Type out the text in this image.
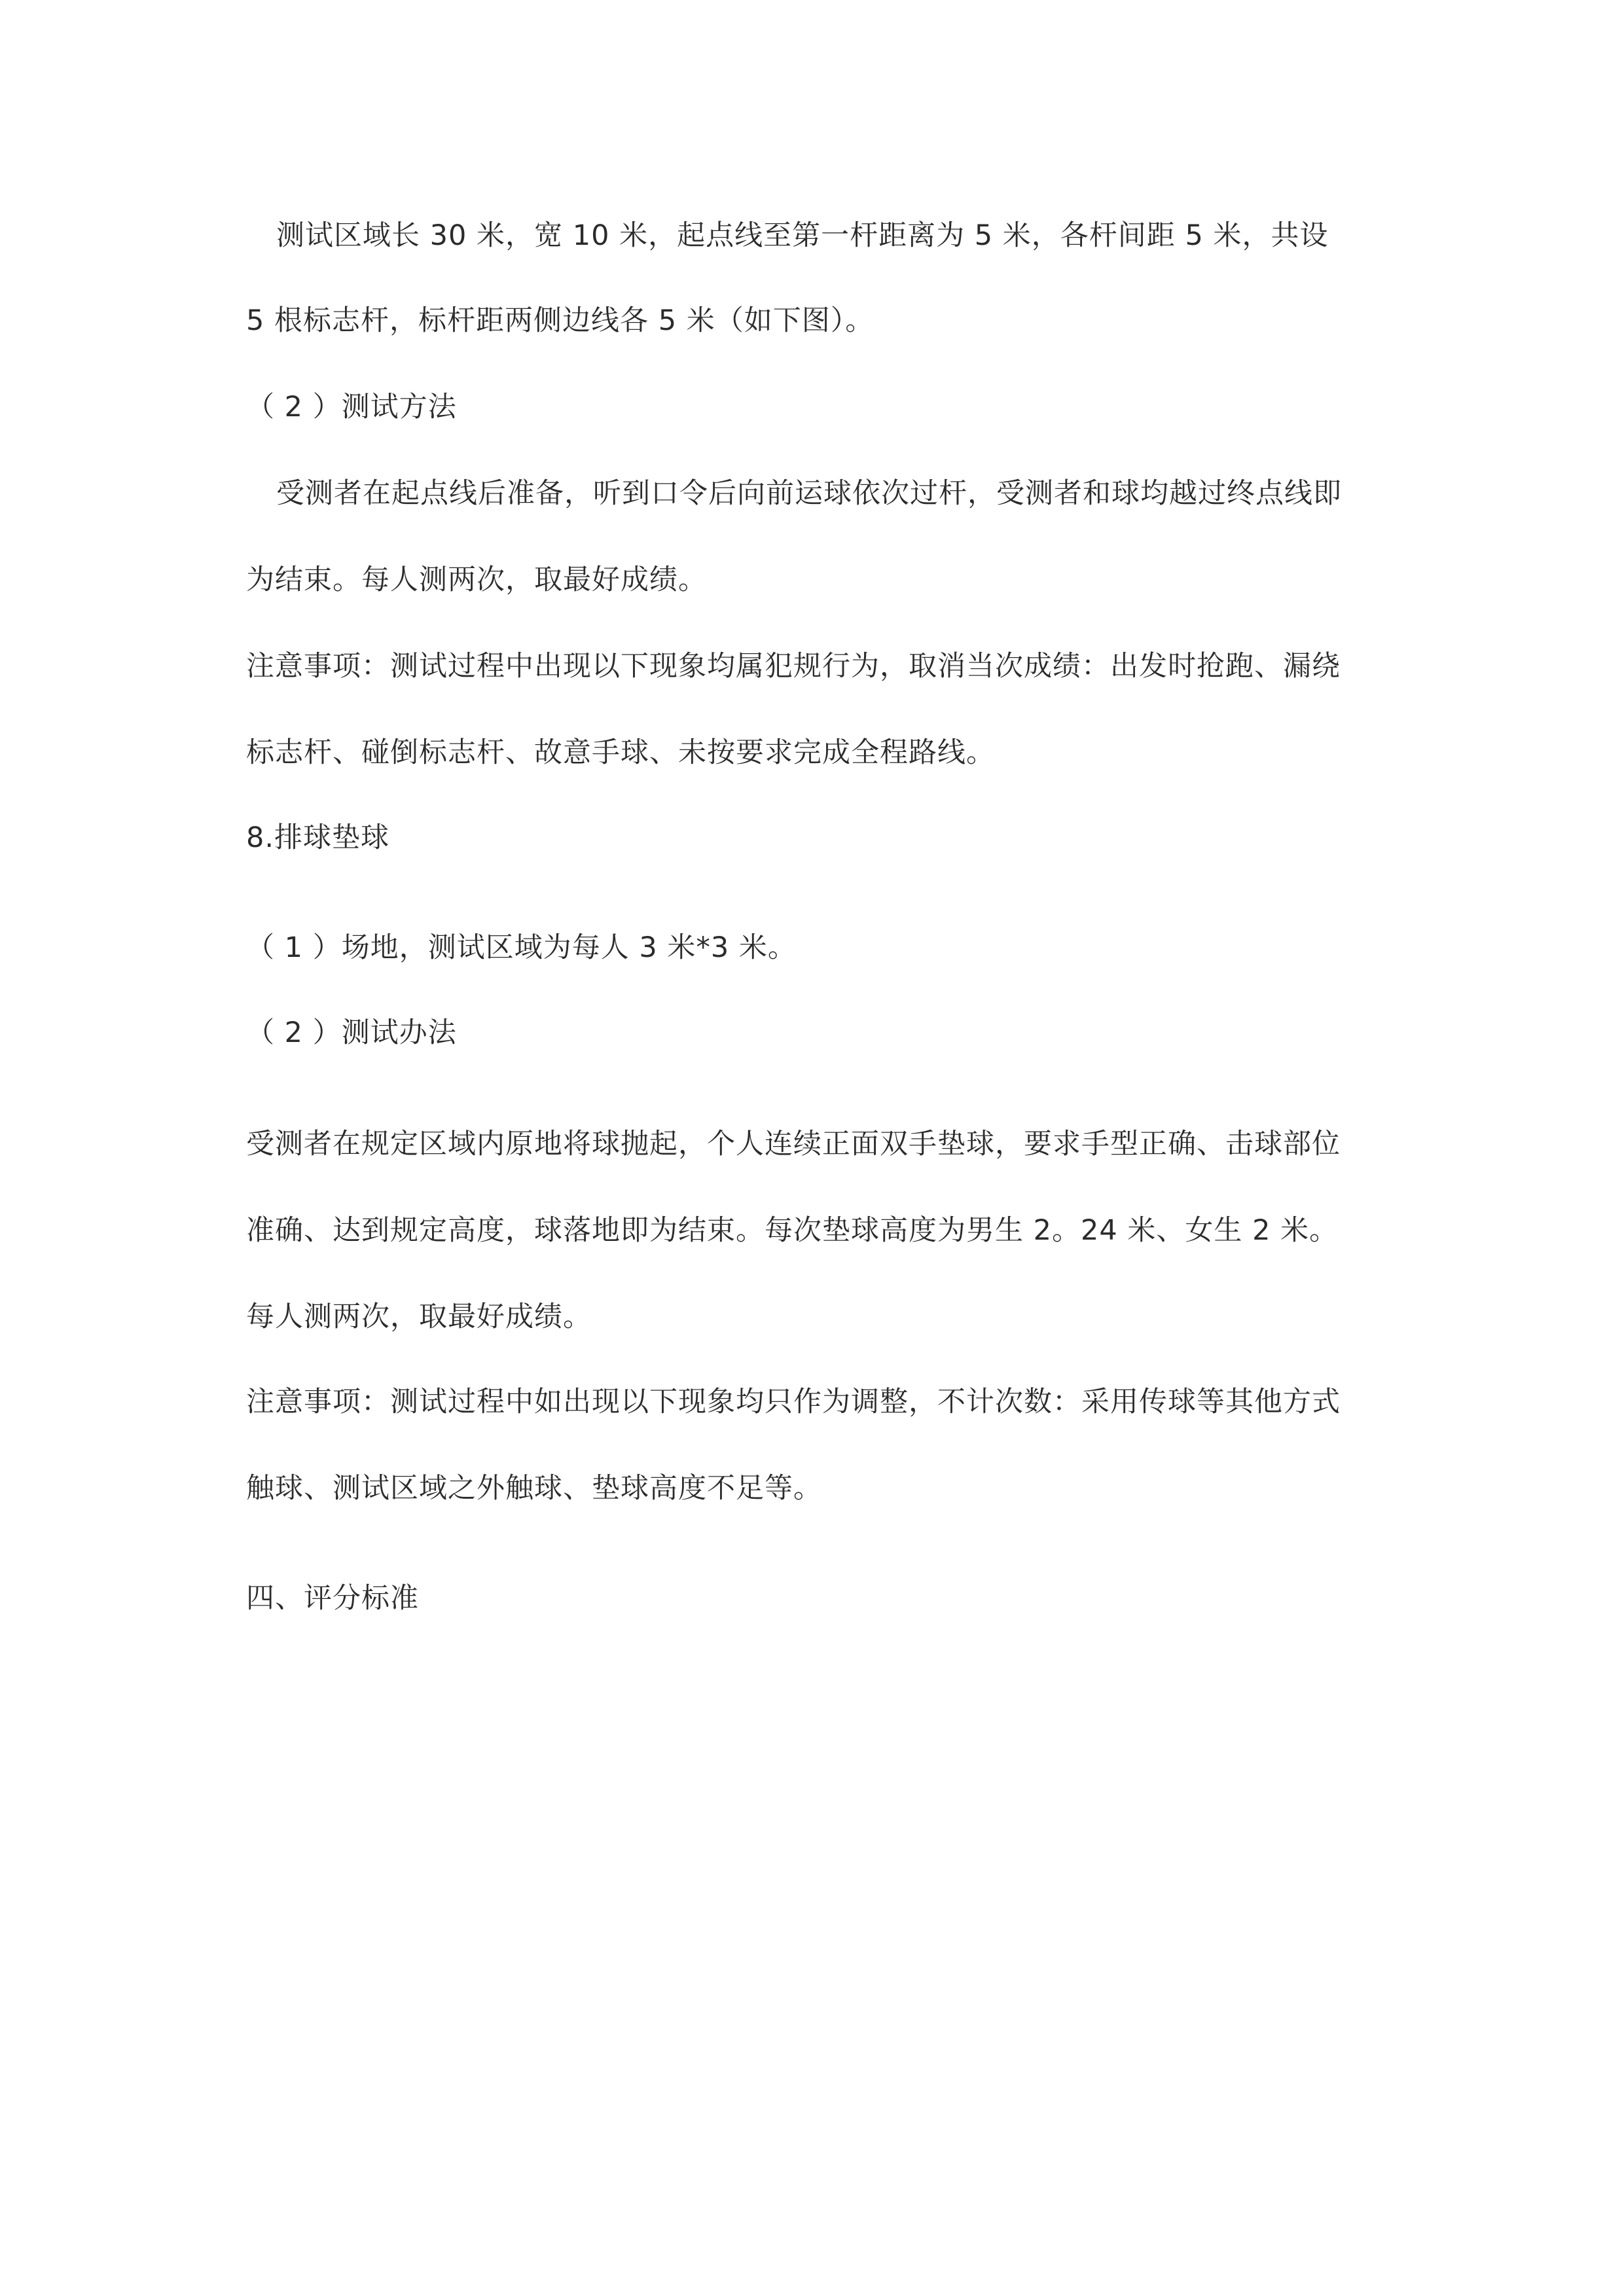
测试区域长 30 米，宽 10 米，起点线至第一杆距离为 5 米，各杆间距 5 米，共设
5 根标志杆，标杆距两侧边线各 5 米（如下图）。
（ 2 ）测试方法
受测者在起点线后准备，听到口令后向前运球依次过杆，受测者和球均越过终点线即
为结束。每人测两次，取最好成绩。
注意事项：测试过程中出现以下现象均属犯规行为，取消当次成绩：出发时抢跑、漏绕
标志杆、碰倒标志杆、故意手球、未按要求完成全程路线。
8.排球垫球
（ 1 ）场地，测试区域为每人 3 米*3 米。
（ 2 ）测试办法
受测者在规定区域内原地将球抛起，个人连续正面双手垫球，要求手型正确、击球部位
准确、达到规定高度，球落地即为结束。每次垫球高度为男生 2。24 米、女生 2 米。
每人测两次，取最好成绩。
注意事项：测试过程中如出现以下现象均只作为调整，不计次数：采用传球等其他方式
触球、测试区域之外触球、垫球高度不足等。
四、评分标准
